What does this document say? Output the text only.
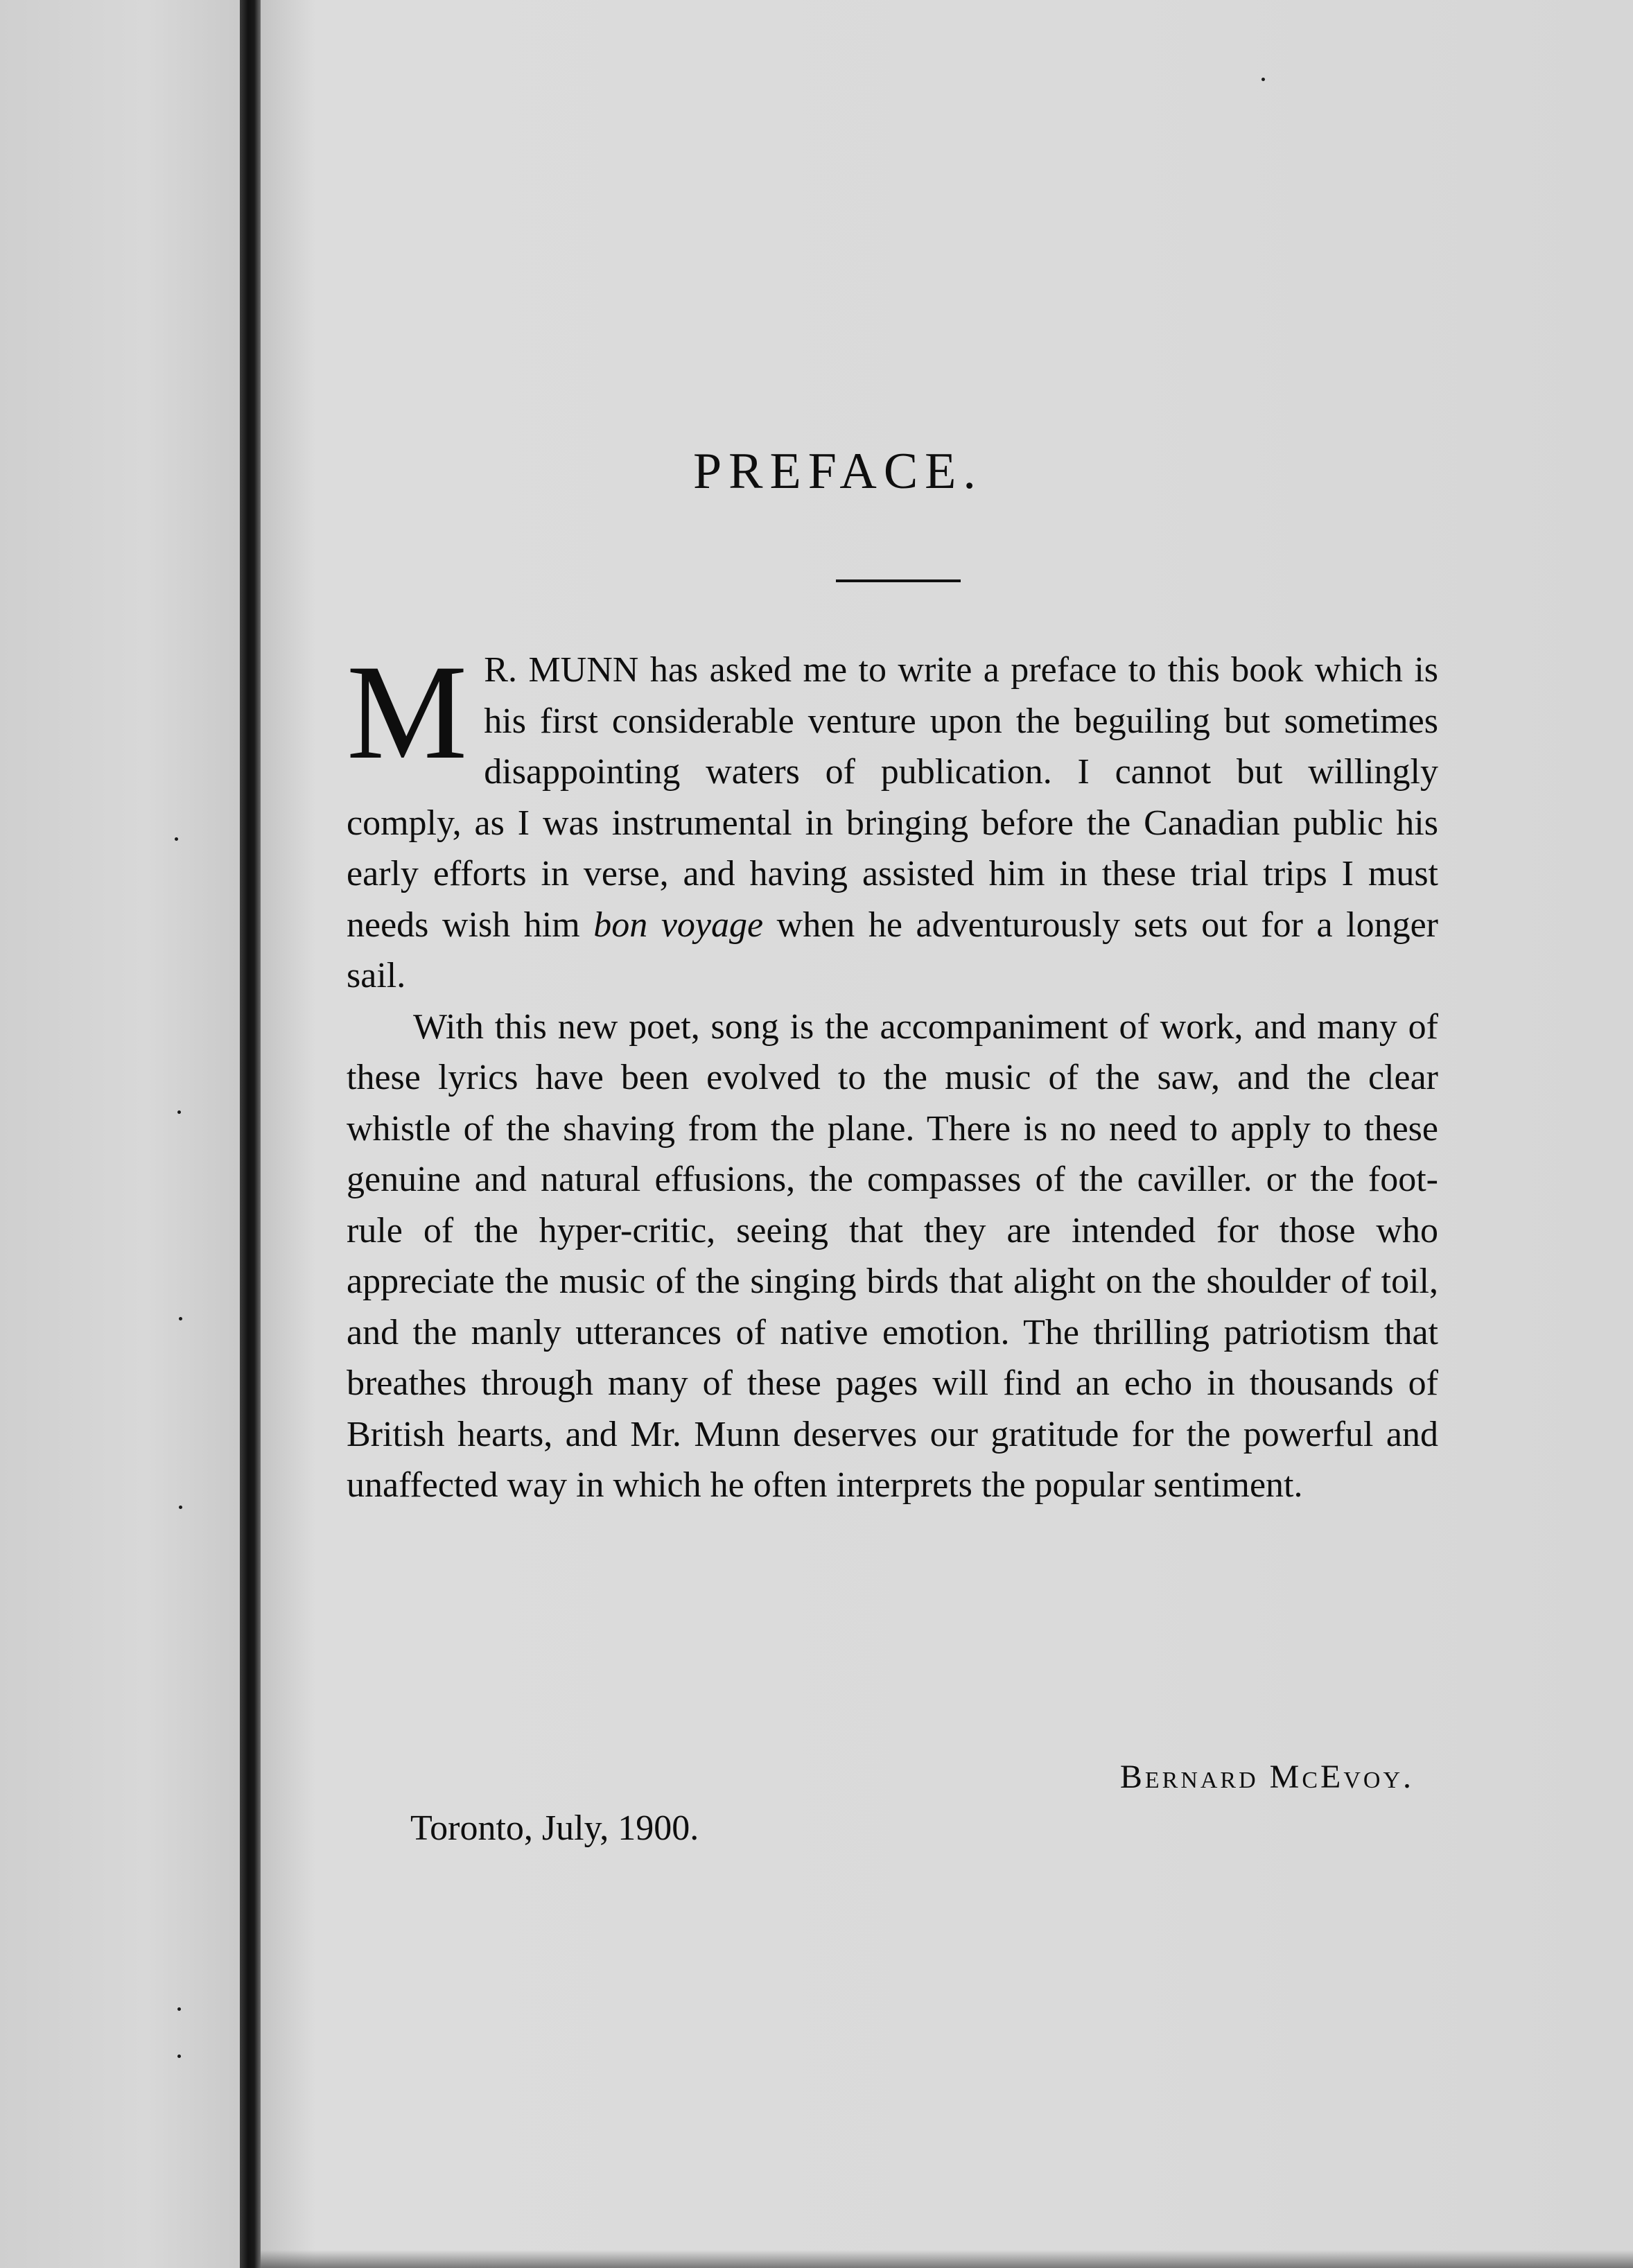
PREFACE.

M R. MUNN has asked me to write a preface to this book which is his first considerable venture upon the beguiling but sometimes disappointing waters of publication. I cannot but willingly comply, as I was instrumental in bringing before the Canadian public his early efforts in verse, and having assisted him in these trial trips I must needs wish him bon voyage when he adventurously sets out for a longer sail.

With this new poet, song is the accompaniment of work, and many of these lyrics have been evolved to the music of the saw, and the clear whistle of the shaving from the plane. There is no need to apply to these genuine and natural effusions, the compasses of the caviller. or the foot-rule of the hyper-critic, seeing that they are intended for those who appreciate the music of the singing birds that alight on the shoulder of toil, and the manly utterances of native emotion. The thrilling patriotism that breathes through many of these pages will find an echo in thousands of British hearts, and Mr. Munn deserves our gratitude for the powerful and unaffected way in which he often interprets the popular sentiment.

Bernard McEvoy.
Toronto, July, 1900.
